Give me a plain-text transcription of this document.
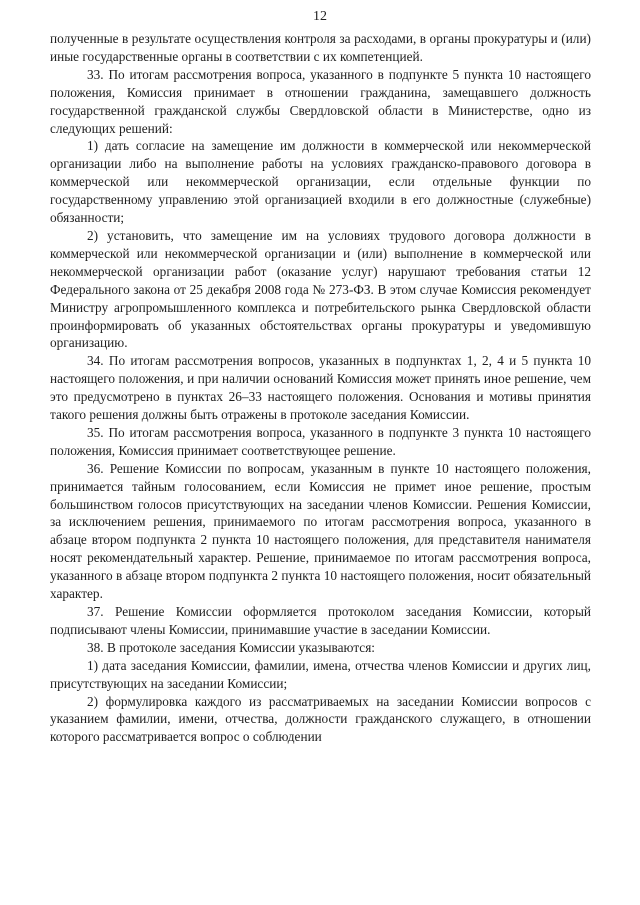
12

полученные в результате осуществления контроля за расходами, в органы прокуратуры и (или) иные государственные органы в соответствии с их компетенцией.

33. По итогам рассмотрения вопроса, указанного в подпункте 5 пункта 10 настоящего положения, Комиссия принимает в отношении гражданина, замещавшего должность государственной гражданской службы Свердловской области в Министерстве, одно из следующих решений:

1) дать согласие на замещение им должности в коммерческой или некоммерческой организации либо на выполнение работы на условиях гражданско-правового договора в коммерческой или некоммерческой организации, если отдельные функции по государственному управлению этой организацией входили в его должностные (служебные) обязанности;

2) установить, что замещение им на условиях трудового договора должности в коммерческой или некоммерческой организации и (или) выполнение в коммерческой или некоммерческой организации работ (оказание услуг) нарушают требования статьи 12 Федерального закона от 25 декабря 2008 года № 273-ФЗ. В этом случае Комиссия рекомендует Министру агропромышленного комплекса и потребительского рынка Свердловской области проинформировать об указанных обстоятельствах органы прокуратуры и уведомившую организацию.

34. По итогам рассмотрения вопросов, указанных в подпунктах 1, 2, 4 и 5 пункта 10 настоящего положения, и при наличии оснований Комиссия может принять иное решение, чем это предусмотрено в пунктах 26–33 настоящего положения. Основания и мотивы принятия такого решения должны быть отражены в протоколе заседания Комиссии.

35. По итогам рассмотрения вопроса, указанного в подпункте 3 пункта 10 настоящего положения, Комиссия принимает соответствующее решение.

36. Решение Комиссии по вопросам, указанным в пункте 10 настоящего положения, принимается тайным голосованием, если Комиссия не примет иное решение, простым большинством голосов присутствующих на заседании членов Комиссии. Решения Комиссии, за исключением решения, принимаемого по итогам рассмотрения вопроса, указанного в абзаце втором подпункта 2 пункта 10 настоящего положения, для представителя нанимателя носят рекомендательный характер. Решение, принимаемое по итогам рассмотрения вопроса, указанного в абзаце втором подпункта 2 пункта 10 настоящего положения, носит обязательный характер.

37. Решение Комиссии оформляется протоколом заседания Комиссии, который подписывают члены Комиссии, принимавшие участие в заседании Комиссии.

38. В протоколе заседания Комиссии указываются:

1) дата заседания Комиссии, фамилии, имена, отчества членов Комиссии и других лиц, присутствующих на заседании Комиссии;

2) формулировка каждого из рассматриваемых на заседании Комиссии вопросов с указанием фамилии, имени, отчества, должности гражданского служащего, в отношении которого рассматривается вопрос о соблюдении
